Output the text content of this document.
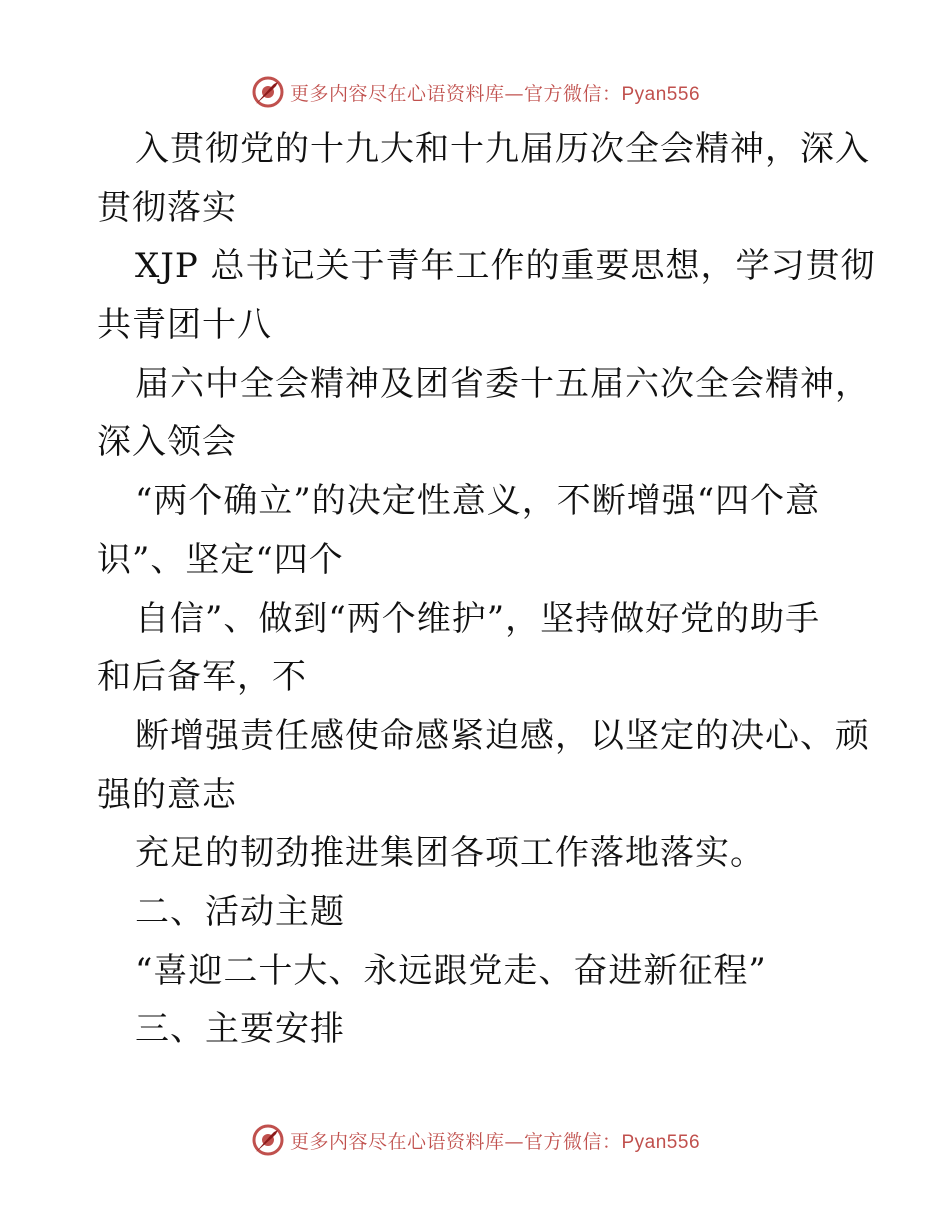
更多内容尽在心语资料库—官方微信：Pyan556
入贯彻党的十九大和十九届历次全会精神，深入
贯彻落实
XJP 总书记关于青年工作的重要思想，学习贯彻
共青团十八
届六中全会精神及团省委十五届六次全会精神，
深入领会
“两个确立”的决定性意义，不断增强“四个意
识”、坚定“四个
自信”、做到“两个维护”，坚持做好党的助手
和后备军，不
断增强责任感使命感紧迫感，以坚定的决心、顽
强的意志
充足的韧劲推进集团各项工作落地落实。
二、活动主题
“喜迎二十大、永远跟党走、奋进新征程”
三、主要安排
更多内容尽在心语资料库—官方微信：Pyan556
